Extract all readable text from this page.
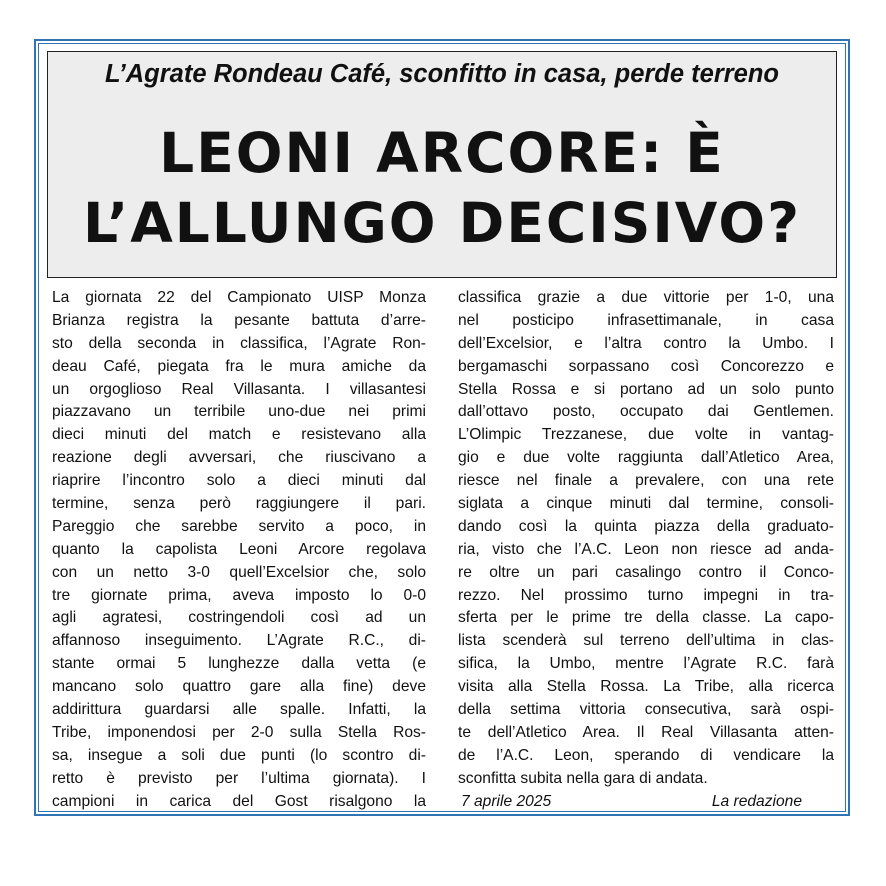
L’Agrate Rondeau Café, sconfitto in casa, perde terreno
LEONI ARCORE: È
L’ALLUNGO DECISIVO?
La giornata 22 del Campionato UISP Monza
Brianza registra la pesante battuta d’arre-
sto della seconda in classifica, l’Agrate Ron-
deau Café, piegata fra le mura amiche da
un orgoglioso Real Villasanta. I villasantesi
piazzavano un terribile uno-due nei primi
dieci minuti del match e resistevano alla
reazione degli avversari, che riuscivano a
riaprire l’incontro solo a dieci minuti dal
termine, senza però raggiungere il pari.
Pareggio che sarebbe servito a poco, in
quanto la capolista Leoni Arcore regolava
con un netto 3-0 quell’Excelsior che, solo
tre giornate prima, aveva imposto lo 0-0
agli agratesi, costringendoli così ad un
affannoso inseguimento. L’Agrate R.C., di-
stante ormai 5 lunghezze dalla vetta (e
mancano solo quattro gare alla fine) deve
addirittura guardarsi alle spalle. Infatti, la
Tribe, imponendosi per 2-0 sulla Stella Ros-
sa, insegue a soli due punti (lo scontro di-
retto è previsto per l’ultima giornata). I
campioni in carica del Gost risalgono la
classifica grazie a due vittorie per 1-0, una
nel posticipo infrasettimanale, in casa
dell’Excelsior, e l’altra contro la Umbo. I
bergamaschi sorpassano così Concorezzo e
Stella Rossa e si portano ad un solo punto
dall’ottavo posto, occupato dai Gentlemen.
L’Olimpic Trezzanese, due volte in vantag-
gio e due volte raggiunta dall’Atletico Area,
riesce nel finale a prevalere, con una rete
siglata a cinque minuti dal termine, consoli-
dando così la quinta piazza della graduato-
ria, visto che l’A.C. Leon non riesce ad anda-
re oltre un pari casalingo contro il Conco-
rezzo. Nel prossimo turno impegni in tra-
sferta per le prime tre della classe. La capo-
lista scenderà sul terreno dell’ultima in clas-
sifica, la Umbo, mentre l’Agrate R.C. farà
visita alla Stella Rossa. La Tribe, alla ricerca
della settima vittoria consecutiva, sarà ospi-
te dell’Atletico Area. Il Real Villasanta atten-
de l’A.C. Leon, sperando di vendicare la
sconfitta subita nella gara di andata.
7 aprile 2025	La redazione
